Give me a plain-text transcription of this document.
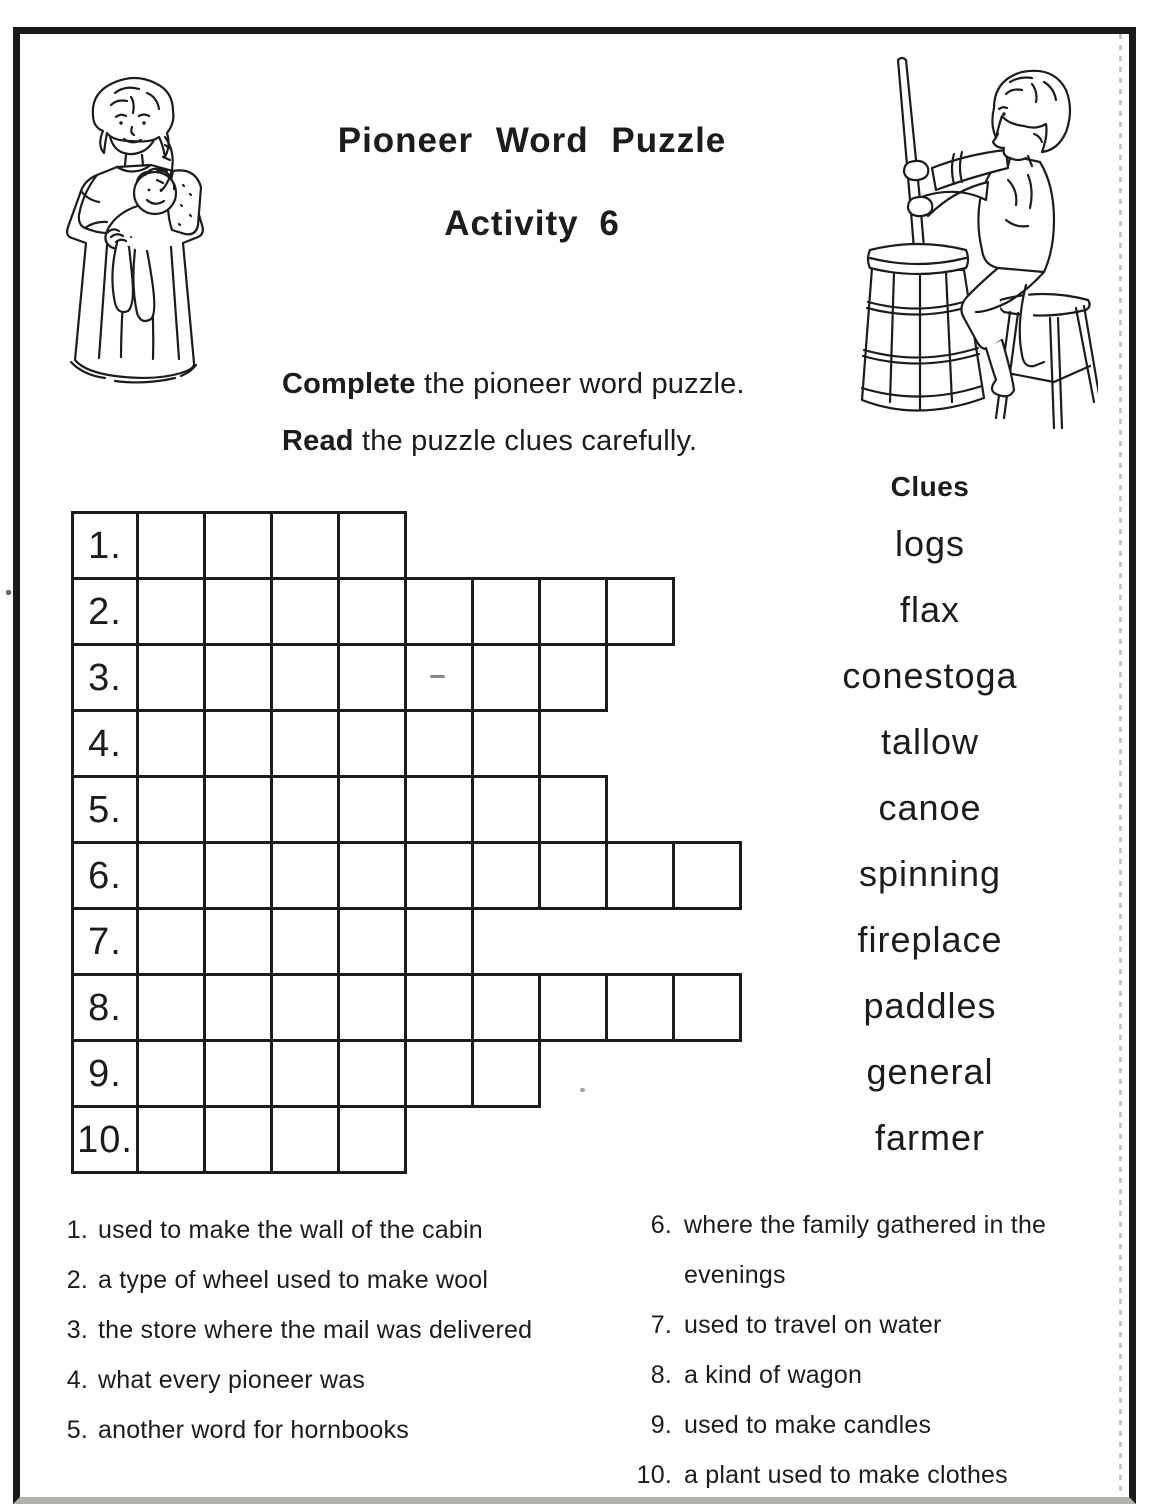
Pioneer Word Puzzle
Activity 6
Complete the pioneer word puzzle.
Read the puzzle clues carefully.
Clues
logs
flax
conestoga
tallow
canoe
spinning
fireplace
paddles
general
farmer
1.
2.
3.
4.
5.
6.
7.
8.
9.
10.
1. used to make the wall of the cabin
2. a type of wheel used to make wool
3. the store where the mail was delivered
4. what every pioneer was
5. another word for hornbooks
6. where the family gathered in the evenings
7. used to travel on water
8. a kind of wagon
9. used to make candles
10. a plant used to make clothes
